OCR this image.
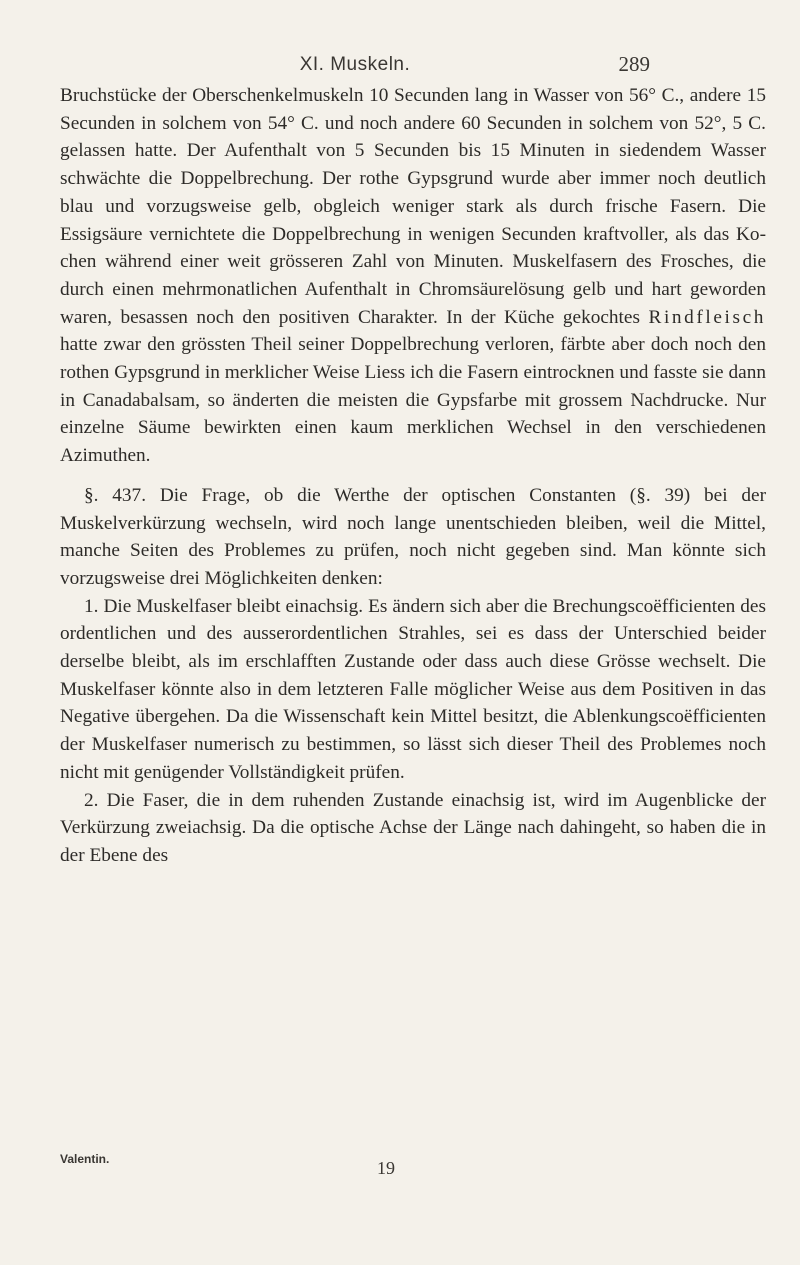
XI. Muskeln.	289

Bruchstücke der Oberschenkelmuskeln 10 Secunden lang in Wasser von 56° C., andere 15 Secunden in solchem von 54° C. und noch andere 60 Secunden in solchem von 52°, 5 C. gelassen hatte. Der Aufenthalt von 5 Secunden bis 15 Minuten in siedendem Wasser schwächte die Doppelbrechung. Der rothe Gypsgrund wurde aber immer noch deutlich blau und vorzugsweise gelb, obgleich weniger stark als durch frische Fasern. Die Essigsäure vernichtete die Doppelbrechung in wenigen Secunden kraftvoller, als das Kochen während einer weit grösseren Zahl von Minuten. Muskelfasern des Frosches, die durch einen mehrmonatlichen Aufenthalt in Chromsäurelösung gelb und hart geworden waren, besassen noch den positiven Charakter. In der Küche gekochtes Rindfleisch hatte zwar den grössten Theil seiner Doppelbrechung verloren, färbte aber doch noch den rothen Gypsgrund in merklicher Weise Liess ich die Fasern eintrocknen und fasste sie dann in Canadabalsam, so änderten die meisten die Gypsfarbe mit grossem Nachdrucke. Nur einzelne Säume bewirkten einen kaum merklichen Wechsel in den verschiedenen Azimuthen.

§. 437. Die Frage, ob die Werthe der optischen Constanten (§. 39) bei der Muskelverkürzung wechseln, wird noch lange unentschieden bleiben, weil die Mittel, manche Seiten des Problemes zu prüfen, noch nicht gegeben sind. Man könnte sich vorzugsweise drei Möglichkeiten denken:

1. Die Muskelfaser bleibt einachsig. Es ändern sich aber die Brechungscoëfficienten des ordentlichen und des ausserordentlichen Strahles, sei es dass der Unterschied beider derselbe bleibt, als im erschlafften Zustande oder dass auch diese Grösse wechselt. Die Muskelfaser könnte also in dem letzteren Falle möglicher Weise aus dem Positiven in das Negative übergehen. Da die Wissenschaft kein Mittel besitzt, die Ablenkungscoëfficienten der Muskelfaser numerisch zu bestimmen, so lässt sich dieser Theil des Problemes noch nicht mit genügender Vollständigkeit prüfen.

2. Die Faser, die in dem ruhenden Zustande einachsig ist, wird im Augenblicke der Verkürzung zweiachsig. Da die optische Achse der Länge nach dahingeht, so haben die in der Ebene des

Valentin.	19
